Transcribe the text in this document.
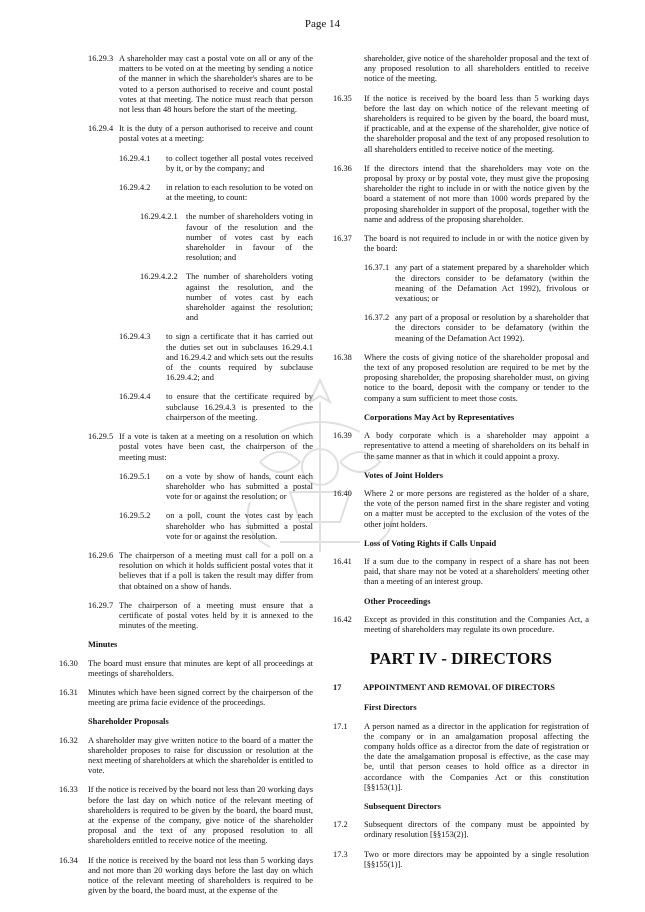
Page 14
16.29.3 A shareholder may cast a postal vote on all or any of the matters to be voted on at the meeting by sending a notice of the manner in which the shareholder's shares are to be voted to a person authorised to receive and count postal votes at that meeting. The notice must reach that person not less than 48 hours before the start of the meeting.
16.29.4 It is the duty of a person authorised to receive and count postal votes at a meeting:
16.29.4.1	to collect together all postal votes received by it, or by the company; and
16.29.4.2	in relation to each resolution to be voted on at the meeting, to count:
16.29.4.2.1 the number of shareholders voting in favour of the resolution and the number of votes cast by each shareholder in favour of the resolution; and
16.29.4.2.2 The number of shareholders voting against the resolution, and the number of votes cast by each shareholder against the resolution; and
16.29.4.3	to sign a certificate that it has carried out the duties set out in subclauses 16.29.4.1 and 16.29.4.2 and which sets out the results of the counts required by subclause 16.29.4.2; and
16.29.4.4	to ensure that the certificate required by subclause 16.29.4.3 is presented to the chairperson of the meeting.
16.29.5 If a vote is taken at a meeting on a resolution on which postal votes have been cast, the chairperson of the meeting must:
16.29.5.1	on a vote by show of hands, count each shareholder who has submitted a postal vote for or against the resolution; or
16.29.5.2	on a poll, count the votes cast by each shareholder who has submitted a postal vote for or against the resolution.
16.29.6 The chairperson of a meeting must call for a poll on a resolution on which it holds sufficient postal votes that it believes that if a poll is taken the result may differ from that obtained on a show of hands.
16.29.7 The chairperson of a meeting must ensure that a certificate of postal votes held by it is annexed to the minutes of the meeting.
Minutes
16.30	The board must ensure that minutes are kept of all proceedings at meetings of shareholders.
16.31	Minutes which have been signed correct by the chairperson of the meeting are prima facie evidence of the proceedings.
Shareholder Proposals
16.32	A shareholder may give written notice to the board of a matter the shareholder proposes to raise for discussion or resolution at the next meeting of shareholders at which the shareholder is entitled to vote.
16.33	If the notice is received by the board not less than 20 working days before the last day on which notice of the relevant meeting of shareholders is required to be given by the board, the board must, at the expense of the company, give notice of the shareholder proposal and the text of any proposed resolution to all shareholders entitled to receive notice of the meeting.
16.34	If the notice is received by the board not less than 5 working days and not more than 20 working days before the last day on which notice of the relevant meeting of shareholders is required to be given by the board, the board must, at the expense of the
shareholder, give notice of the shareholder proposal and the text of any proposed resolution to all shareholders entitled to receive notice of the meeting.
16.35	If the notice is received by the board less than 5 working days before the last day on which notice of the relevant meeting of shareholders is required to be given by the board, the board must, if practicable, and at the expense of the shareholder, give notice of the shareholder proposal and the text of any proposed resolution to all shareholders entitled to receive notice of the meeting.
16.36	If the directors intend that the shareholders may vote on the proposal by proxy or by postal vote, they must give the proposing shareholder the right to include in or with the notice given by the board a statement of not more than 1000 words prepared by the proposing shareholder in support of the proposal, together with the name and address of the proposing shareholder.
16.37	The board is not required to include in or with the notice given by the board:
16.37.1 any part of a statement prepared by a shareholder which the directors consider to be defamatory (within the meaning of the Defamation Act 1992), frivolous or vexatious; or
16.37.2 any part of a proposal or resolution by a shareholder that the directors consider to be defamatory (within the meaning of the Defamation Act 1992).
16.38	Where the costs of giving notice of the shareholder proposal and the text of any proposed resolution are required to be met by the proposing shareholder, the proposing shareholder must, on giving notice to the board, deposit with the company or tender to the company a sum sufficient to meet those costs.
Corporations May Act by Representatives
16.39	A body corporate which is a shareholder may appoint a representative to attend a meeting of shareholders on its behalf in the same manner as that in which it could appoint a proxy.
Votes of Joint Holders
16.40	Where 2 or more persons are registered as the holder of a share, the vote of the person named first in the share register and voting on a matter must be accepted to the exclusion of the votes of the other joint holders.
Loss of Voting Rights if Calls Unpaid
16.41	If a sum due to the company in respect of a share has not been paid, that share may not be voted at a shareholders' meeting other than a meeting of an interest group.
Other Proceedings
16.42	Except as provided in this constitution and the Companies Act, a meeting of shareholders may regulate its own procedure.
PART IV - DIRECTORS
17	APPOINTMENT AND REMOVAL OF DIRECTORS
First Directors
17.1	A person named as a director in the application for registration of the company or in an amalgamation proposal affecting the company holds office as a director from the date of registration or the date the amalgamation proposal is effective, as the case may be, until that person ceases to hold office as a director in accordance with the Companies Act or this constitution [§§153(1)].
Subsequent Directors
17.2	Subsequent directors of the company must be appointed by ordinary resolution [§§153(2)].
17.3	Two or more directors may be appointed by a single resolution [§§155(1)].
